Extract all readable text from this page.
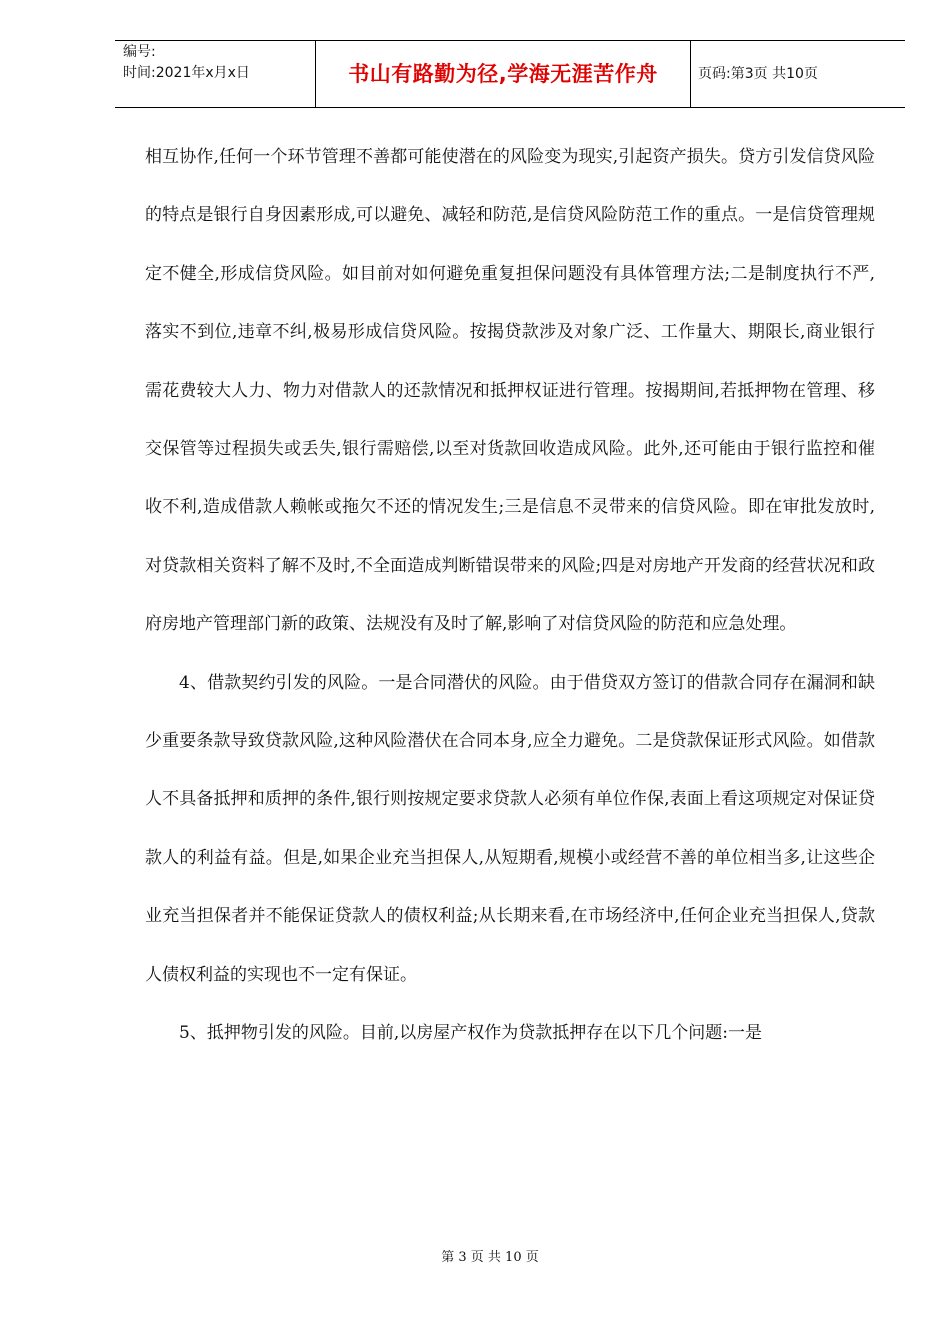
编号:
时间:2021年x月x日	书山有路勤为径,学海无涯苦作舟	页码:第3页 共10页

相互协作,任何一个环节管理不善都可能使潜在的风险变为现实,引起资产损失。贷方引发信贷风险的特点是银行自身因素形成,可以避免、减轻和防范,是信贷风险防范工作的重点。一是信贷管理规定不健全,形成信贷风险。如目前对如何避免重复担保问题没有具体管理方法;二是制度执行不严,落实不到位,违章不纠,极易形成信贷风险。按揭贷款涉及对象广泛、工作量大、期限长,商业银行需花费较大人力、物力对借款人的还款情况和抵押权证进行管理。按揭期间,若抵押物在管理、移交保管等过程损失或丢失,银行需赔偿,以至对货款回收造成风险。此外,还可能由于银行监控和催收不利,造成借款人赖帐或拖欠不还的情况发生;三是信息不灵带来的信贷风险。即在审批发放时,对贷款相关资料了解不及时,不全面造成判断错误带来的风险;四是对房地产开发商的经营状况和政府房地产管理部门新的政策、法规没有及时了解,影响了对信贷风险的防范和应急处理。

4、借款契约引发的风险。一是合同潜伏的风险。由于借贷双方签订的借款合同存在漏洞和缺少重要条款导致贷款风险,这种风险潜伏在合同本身,应全力避免。二是贷款保证形式风险。如借款人不具备抵押和质押的条件,银行则按规定要求贷款人必须有单位作保,表面上看这项规定对保证贷款人的利益有益。但是,如果企业充当担保人,从短期看,规模小或经营不善的单位相当多,让这些企业充当担保者并不能保证贷款人的债权利益;从长期来看,在市场经济中,任何企业充当担保人,贷款人债权利益的实现也不一定有保证。

5、抵押物引发的风险。目前,以房屋产权作为贷款抵押存在以下几个问题:一是

第 3 页 共 10 页
